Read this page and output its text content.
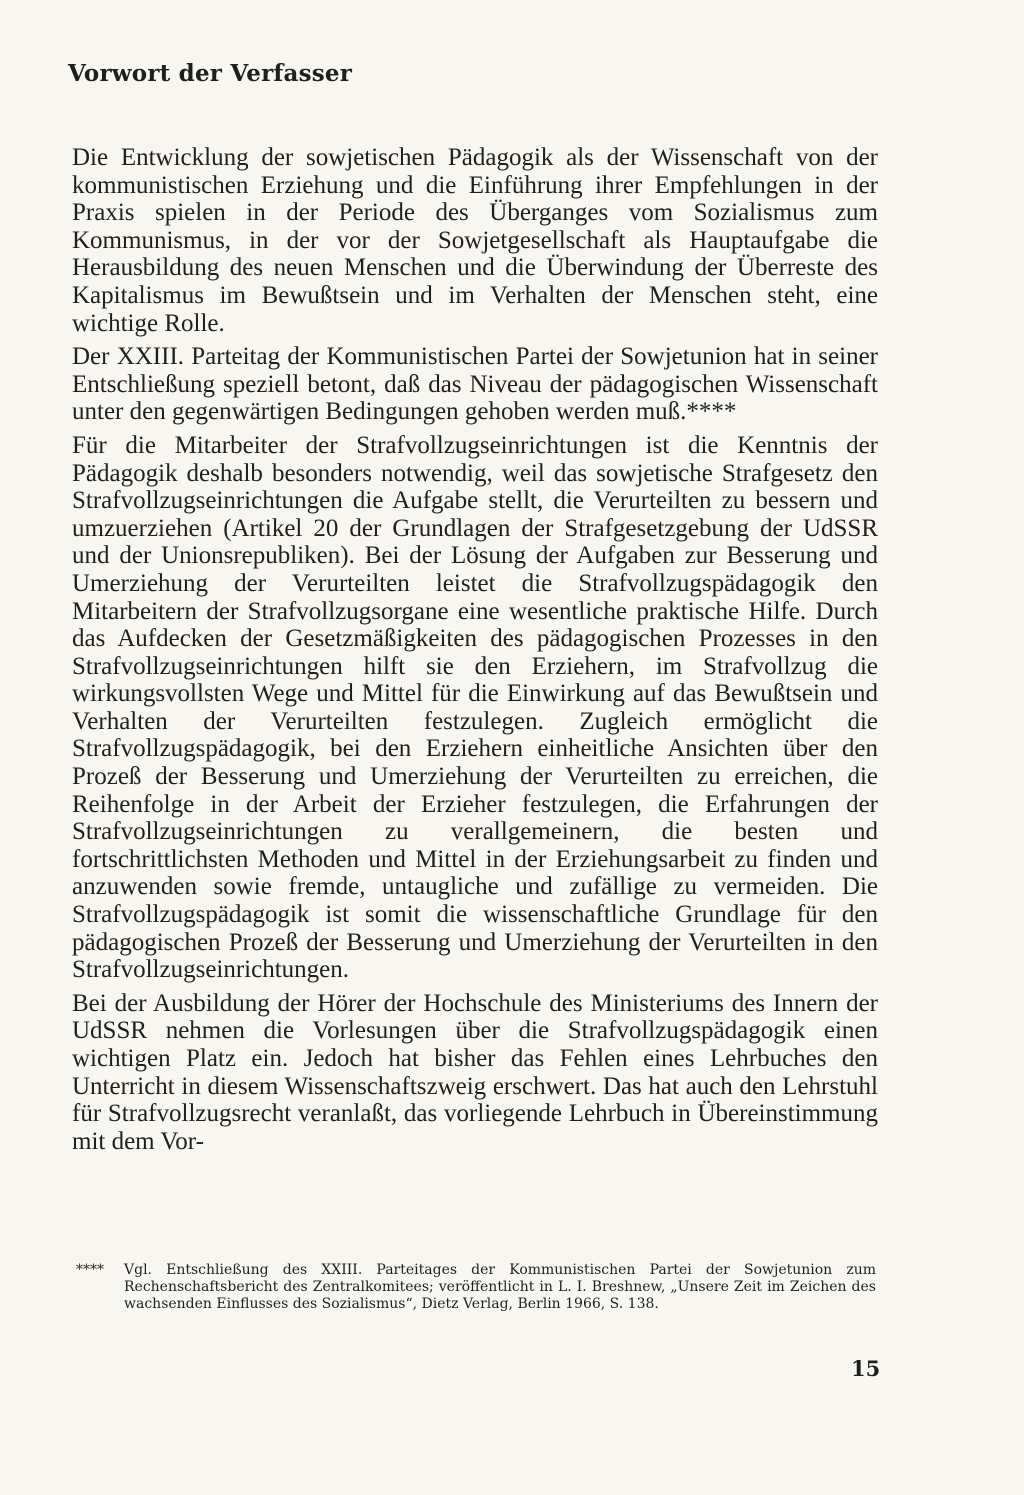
Vorwort der Verfasser

Die Entwicklung der sowjetischen Pädagogik als der Wissenschaft von der kommunistischen Erziehung und die Einführung ihrer Empfehlungen in der Praxis spielen in der Periode des Überganges vom Sozialismus zum Kommunismus, in der vor der Sowjetgesellschaft als Hauptaufgabe die Herausbildung des neuen Menschen und die Überwindung der Überreste des Kapitalismus im Bewußtsein und im Verhalten der Menschen steht, eine wichtige Rolle.

Der XXIII. Parteitag der Kommunistischen Partei der Sowjetunion hat in seiner Entschließung speziell betont, daß das Niveau der pädagogischen Wissenschaft unter den gegenwärtigen Bedingungen gehoben werden muß.****

Für die Mitarbeiter der Strafvollzugseinrichtungen ist die Kenntnis der Pädagogik deshalb besonders notwendig, weil das sowjetische Strafgesetz den Strafvollzugseinrichtungen die Aufgabe stellt, die Verurteilten zu bessern und umzuerziehen (Artikel 20 der Grundlagen der Strafgesetzgebung der UdSSR und der Unionsrepubliken). Bei der Lösung der Aufgaben zur Besserung und Umerziehung der Verurteilten leistet die Strafvollzugspädagogik den Mitarbeitern der Strafvollzugsorgane eine wesentliche praktische Hilfe. Durch das Aufdecken der Gesetzmäßigkeiten des pädagogischen Prozesses in den Strafvollzugseinrichtungen hilft sie den Erziehern, im Strafvollzug die wirkungsvollsten Wege und Mittel für die Einwirkung auf das Bewußtsein und Verhalten der Verurteilten festzulegen. Zugleich ermöglicht die Strafvollzugspädagogik, bei den Erziehern einheitliche Ansichten über den Prozeß der Besserung und Umerziehung der Verurteilten zu erreichen, die Reihenfolge in der Arbeit der Erzieher festzulegen, die Erfahrungen der Strafvollzugseinrichtungen zu verallgemeinern, die besten und fortschrittlichsten Methoden und Mittel in der Erziehungsarbeit zu finden und anzuwenden sowie fremde, untaugliche und zufällige zu vermeiden. Die Strafvollzugspädagogik ist somit die wissenschaftliche Grundlage für den pädagogischen Prozeß der Besserung und Umerziehung der Verurteilten in den Strafvollzugseinrichtungen.

Bei der Ausbildung der Hörer der Hochschule des Ministeriums des Innern der UdSSR nehmen die Vorlesungen über die Strafvollzugspädagogik einen wichtigen Platz ein. Jedoch hat bisher das Fehlen eines Lehrbuches den Unterricht in diesem Wissenschaftszweig erschwert. Das hat auch den Lehrstuhl für Strafvollzugsrecht veranlaßt, das vorliegende Lehrbuch in Übereinstimmung mit dem Vor-

****	Vgl. Entschließung des XXIII. Parteitages der Kommunistischen Partei der Sowjetunion zum Rechenschaftsbericht des Zentralkomitees; veröffentlicht in L. I. Breshnew, „Unsere Zeit im Zeichen des wachsenden Einflusses des Sozialismus“, Dietz Verlag, Berlin 1966, S. 138.
15
